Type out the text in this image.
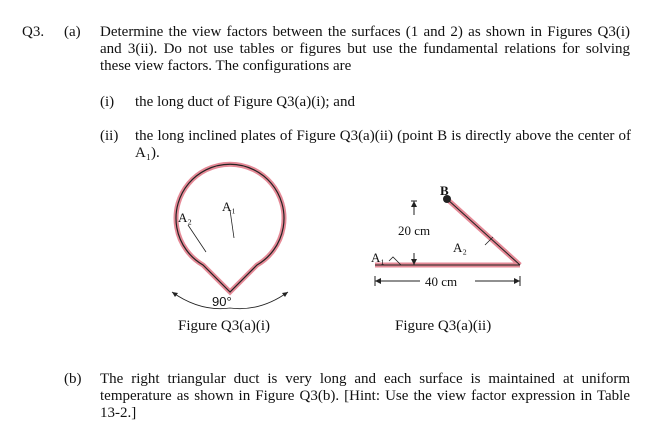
Q3. (a) Determine the view factors between the surfaces (1 and 2) as shown in Figures Q3(i) and 3(ii). Do not use tables or figures but use the fundamental relations for solving these view factors. The configurations are
(i) the long duct of Figure Q3(a)(i); and
(ii) the long inclined plates of Figure Q3(a)(ii) (point B is directly above the center of A₁).
A₁
A₂
90°
Figure Q3(a)(i)
B
20 cm
A₁
A₂
40 cm
Figure Q3(a)(ii)
(b) The right triangular duct is very long and each surface is maintained at uniform temperature as shown in Figure Q3(b). [Hint: Use the view factor expression in Table 13-2.]
